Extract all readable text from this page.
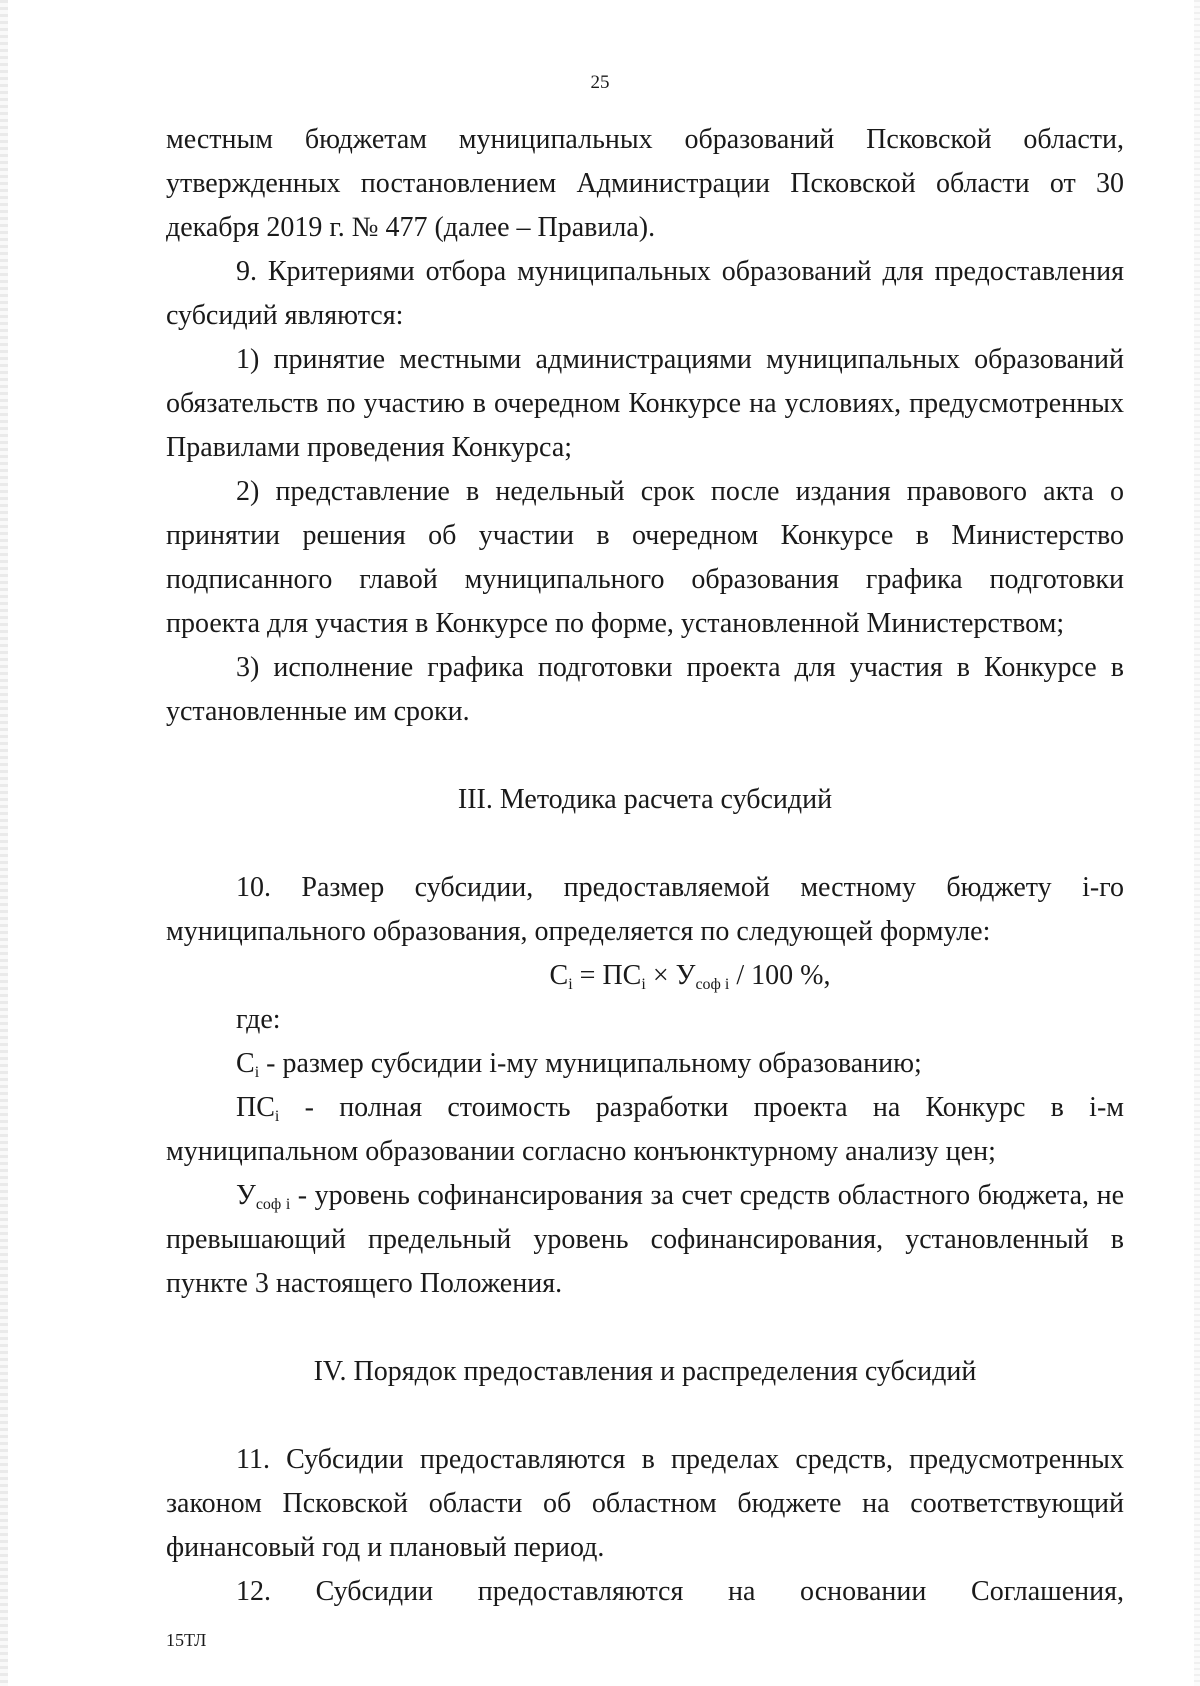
25

местным бюджетам муниципальных образований Псковской области, утвержденных постановлением Администрации Псковской области от 30 декабря 2019 г. № 477 (далее – Правила).

9. Критериями отбора муниципальных образований для предоставления субсидий являются:

1) принятие местными администрациями муниципальных образований обязательств по участию в очередном Конкурсе на условиях, предусмотренных Правилами проведения Конкурса;

2) представление в недельный срок после издания правового акта о принятии решения об участии в очередном Конкурсе в Министерство подписанного главой муниципального образования графика подготовки проекта для участия в Конкурсе по форме, установленной Министерством;

3) исполнение графика подготовки проекта для участия в Конкурсе в установленные им сроки.

III. Методика расчета субсидий

10. Размер субсидии, предоставляемой местному бюджету i-го муниципального образования, определяется по следующей формуле:

$С_i = ПС_i \times У_{соф i} / 100$ %,

где:

$С_i$ - размер субсидии i-му муниципальному образованию;

$ПС_i$ - полная стоимость разработки проекта на Конкурс в i-м муниципальном образовании согласно конъюнктурному анализу цен;

$У_{соф i}$ - уровень софинансирования за счет средств областного бюджета, не превышающий предельный уровень софинансирования, установленный в пункте 3 настоящего Положения.

IV. Порядок предоставления и распределения субсидий

11. Субсидии предоставляются в пределах средств, предусмотренных законом Псковской области об областном бюджете на соответствующий финансовый год и плановый период.

12. Субсидии предоставляются на основании Соглашения,

15ТЛ
